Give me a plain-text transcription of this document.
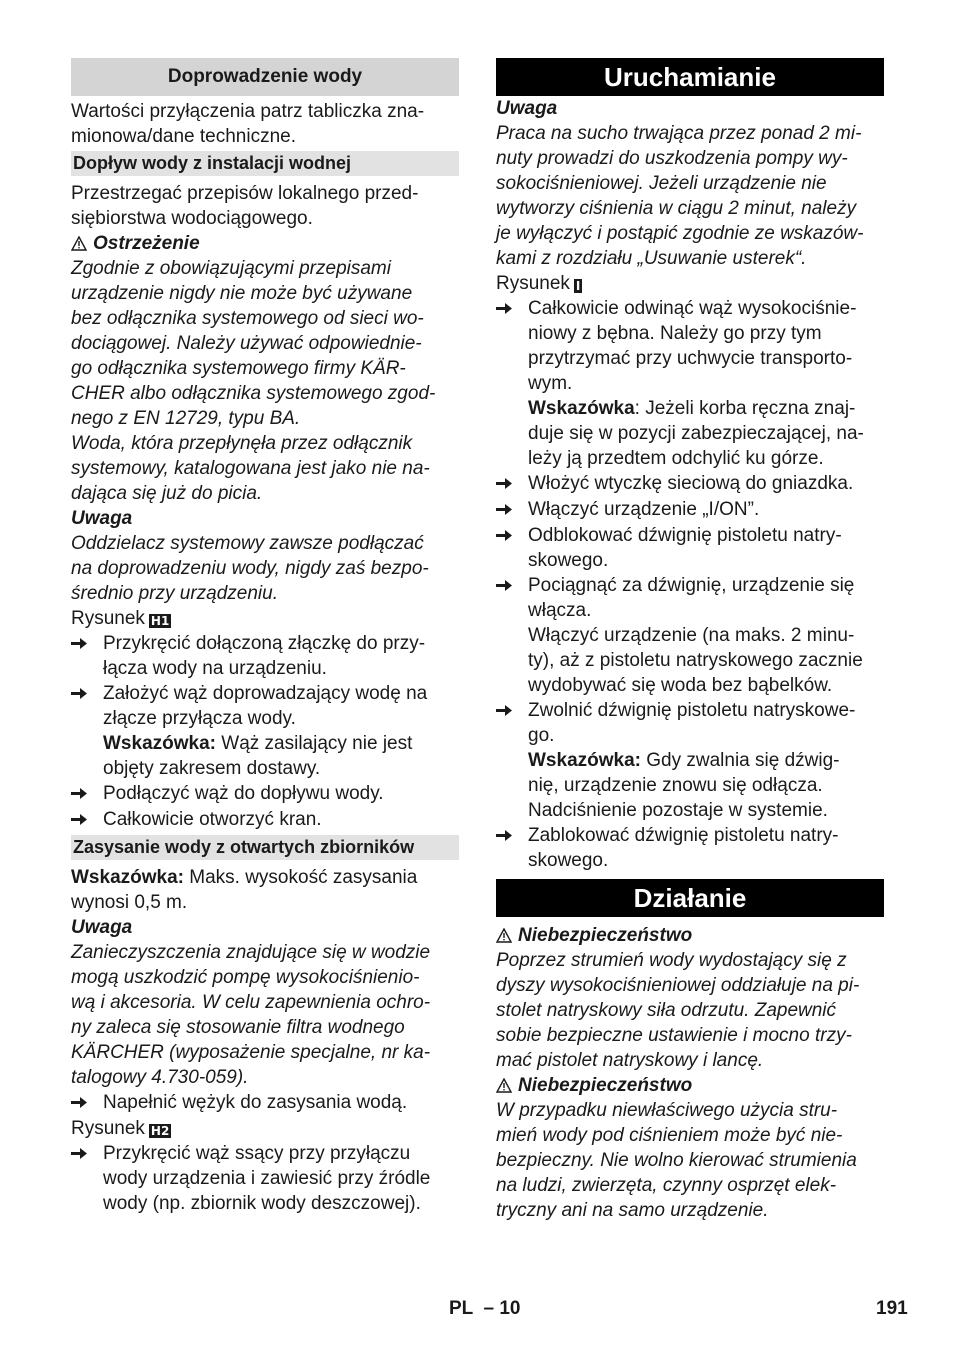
Doprowadzenie wody
Wartości przyłączenia patrz tabliczka zna-
mionowa/dane techniczne.
Dopływ wody z instalacji wodnej
Przestrzegać przepisów lokalnego przed-
siębiorstwa wodociągowego.
Ostrzeżenie
Zgodnie z obowiązującymi przepisami
urządzenie nigdy nie może być używane
bez odłącznika systemowego od sieci wo-
dociągowej. Należy używać odpowiednie-
go odłącznika systemowego firmy KÄR-
CHER albo odłącznika systemowego zgod-
nego z EN 12729, typu BA.
Woda, która przepłynęła przez odłącznik
systemowy, katalogowana jest jako nie na-
dająca się już do picia.
Uwaga
Oddzielacz systemowy zawsze podłączać
na doprowadzeniu wody, nigdy zaś bezpo-
średnio przy urządzeniu.
Rysunek H1
Przykręcić dołączoną złączkę do przy-
łącza wody na urządzeniu.
Założyć wąż doprowadzający wodę na
złącze przyłącza wody.
Wskazówka: Wąż zasilający nie jest
objęty zakresem dostawy.
Podłączyć wąż do dopływu wody.
Całkowicie otworzyć kran.
Zasysanie wody z otwartych zbiorników
Wskazówka: Maks. wysokość zasysania
wynosi 0,5 m.
Uwaga
Zanieczyszczenia znajdujące się w wodzie
mogą uszkodzić pompę wysokociśnienio-
wą i akcesoria. W celu zapewnienia ochro-
ny zaleca się stosowanie filtra wodnego
KÄRCHER (wyposażenie specjalne, nr ka-
talogowy 4.730-059).
Napełnić wężyk do zasysania wodą.
Rysunek H2
Przykręcić wąż ssący przy przyłączu
wody urządzenia i zawiesić przy źródle
wody (np. zbiornik wody deszczowej).
Uruchamianie
Uwaga
Praca na sucho trwająca przez ponad 2 mi-
nuty prowadzi do uszkodzenia pompy wy-
sokociśnieniowej. Jeżeli urządzenie nie
wytworzy ciśnienia w ciągu 2 minut, należy
je wyłączyć i postąpić zgodnie ze wskazów-
kami z rozdziału „Usuwanie usterek“.
Rysunek I
Całkowicie odwinąć wąż wysokociśnie-
niowy z bębna. Należy go przy tym
przytrzymać przy uchwycie transporto-
wym.
Wskazówka: Jeżeli korba ręczna znaj-
duje się w pozycji zabezpieczającej, na-
leży ją przedtem odchylić ku górze.
Włożyć wtyczkę sieciową do gniazdka.
Włączyć urządzenie „I/ON”.
Odblokować dźwignię pistoletu natry-
skowego.
Pociągnąć za dźwignię, urządzenie się
włącza.
Włączyć urządzenie (na maks. 2 minu-
ty), aż z pistoletu natryskowego zacznie
wydobywać się woda bez bąbelków.
Zwolnić dźwignię pistoletu natryskowe-
go.
Wskazówka: Gdy zwalnia się dźwig-
nię, urządzenie znowu się odłącza.
Nadciśnienie pozostaje w systemie.
Zablokować dźwignię pistoletu natry-
skowego.
Działanie
Niebezpieczeństwo
Poprzez strumień wody wydostający się z
dyszy wysokociśnieniowej oddziałuje na pi-
stolet natryskowy siła odrzutu. Zapewnić
sobie bezpieczne ustawienie i mocno trzy-
mać pistolet natryskowy i lancę.
Niebezpieczeństwo
W przypadku niewłaściwego użycia stru-
mień wody pod ciśnieniem może być nie-
bezpieczny. Nie wolno kierować strumienia
na ludzi, zwierzęta, czynny osprzęt elek-
tryczny ani na samo urządzenie.
PL  – 10	191
